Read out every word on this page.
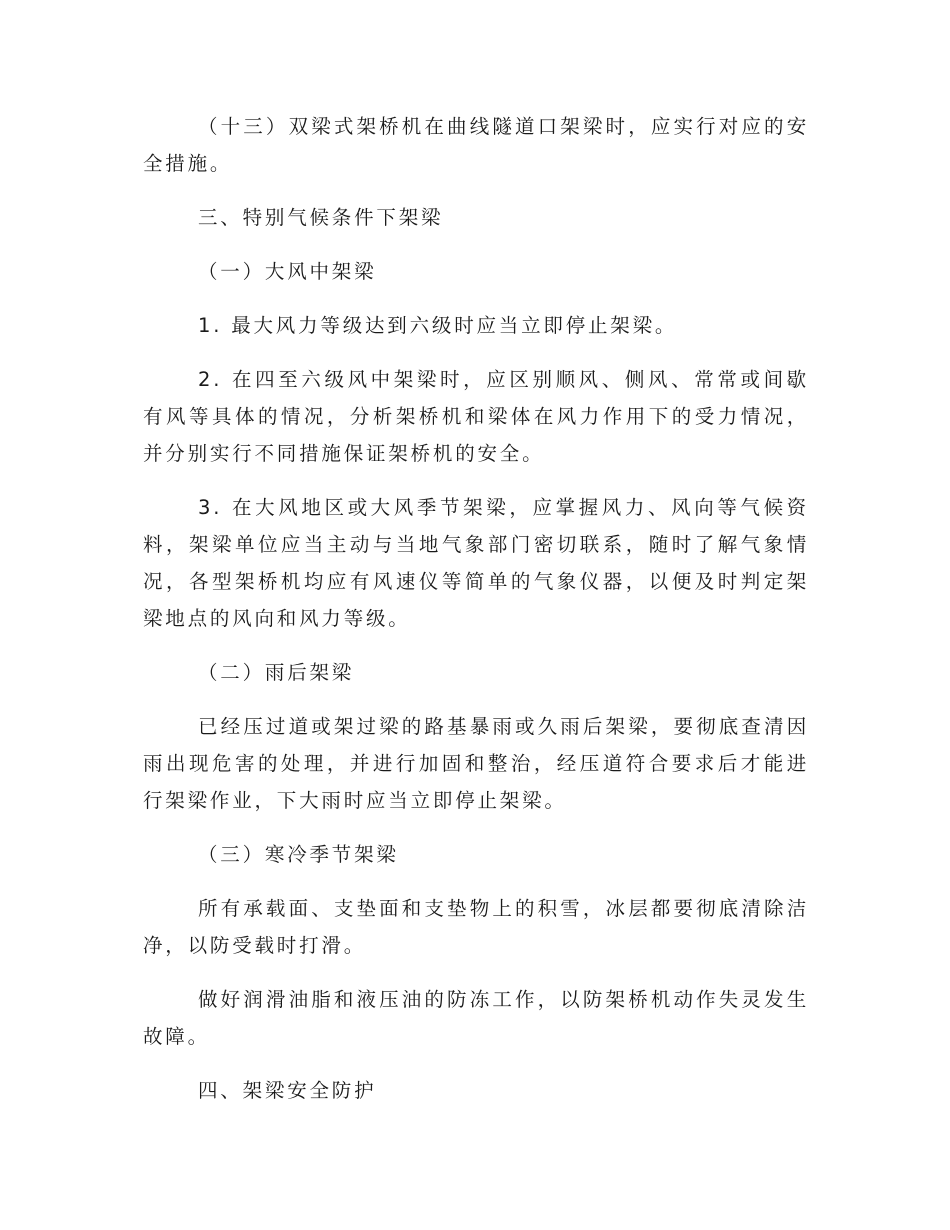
（十三）双梁式架桥机在曲线隧道口架梁时，应实行对应的安全措施。

三、特别气候条件下架梁

（一）大风中架梁

1. 最大风力等级达到六级时应当立即停止架梁。

2. 在四至六级风中架梁时，应区别顺风、侧风、常常或间歇有风等具体的情况，分析架桥机和梁体在风力作用下的受力情况，并分别实行不同措施保证架桥机的安全。

3. 在大风地区或大风季节架梁，应掌握风力、风向等气候资料，架梁单位应当主动与当地气象部门密切联系，随时了解气象情况，各型架桥机均应有风速仪等简单的气象仪器，以便及时判定架梁地点的风向和风力等级。

（二）雨后架梁

已经压过道或架过梁的路基暴雨或久雨后架梁，要彻底查清因雨出现危害的处理，并进行加固和整治，经压道符合要求后才能进行架梁作业，下大雨时应当立即停止架梁。

（三）寒冷季节架梁

所有承载面、支垫面和支垫物上的积雪，冰层都要彻底清除洁净，以防受载时打滑。

做好润滑油脂和液压油的防冻工作，以防架桥机动作失灵发生故障。

四、架梁安全防护
